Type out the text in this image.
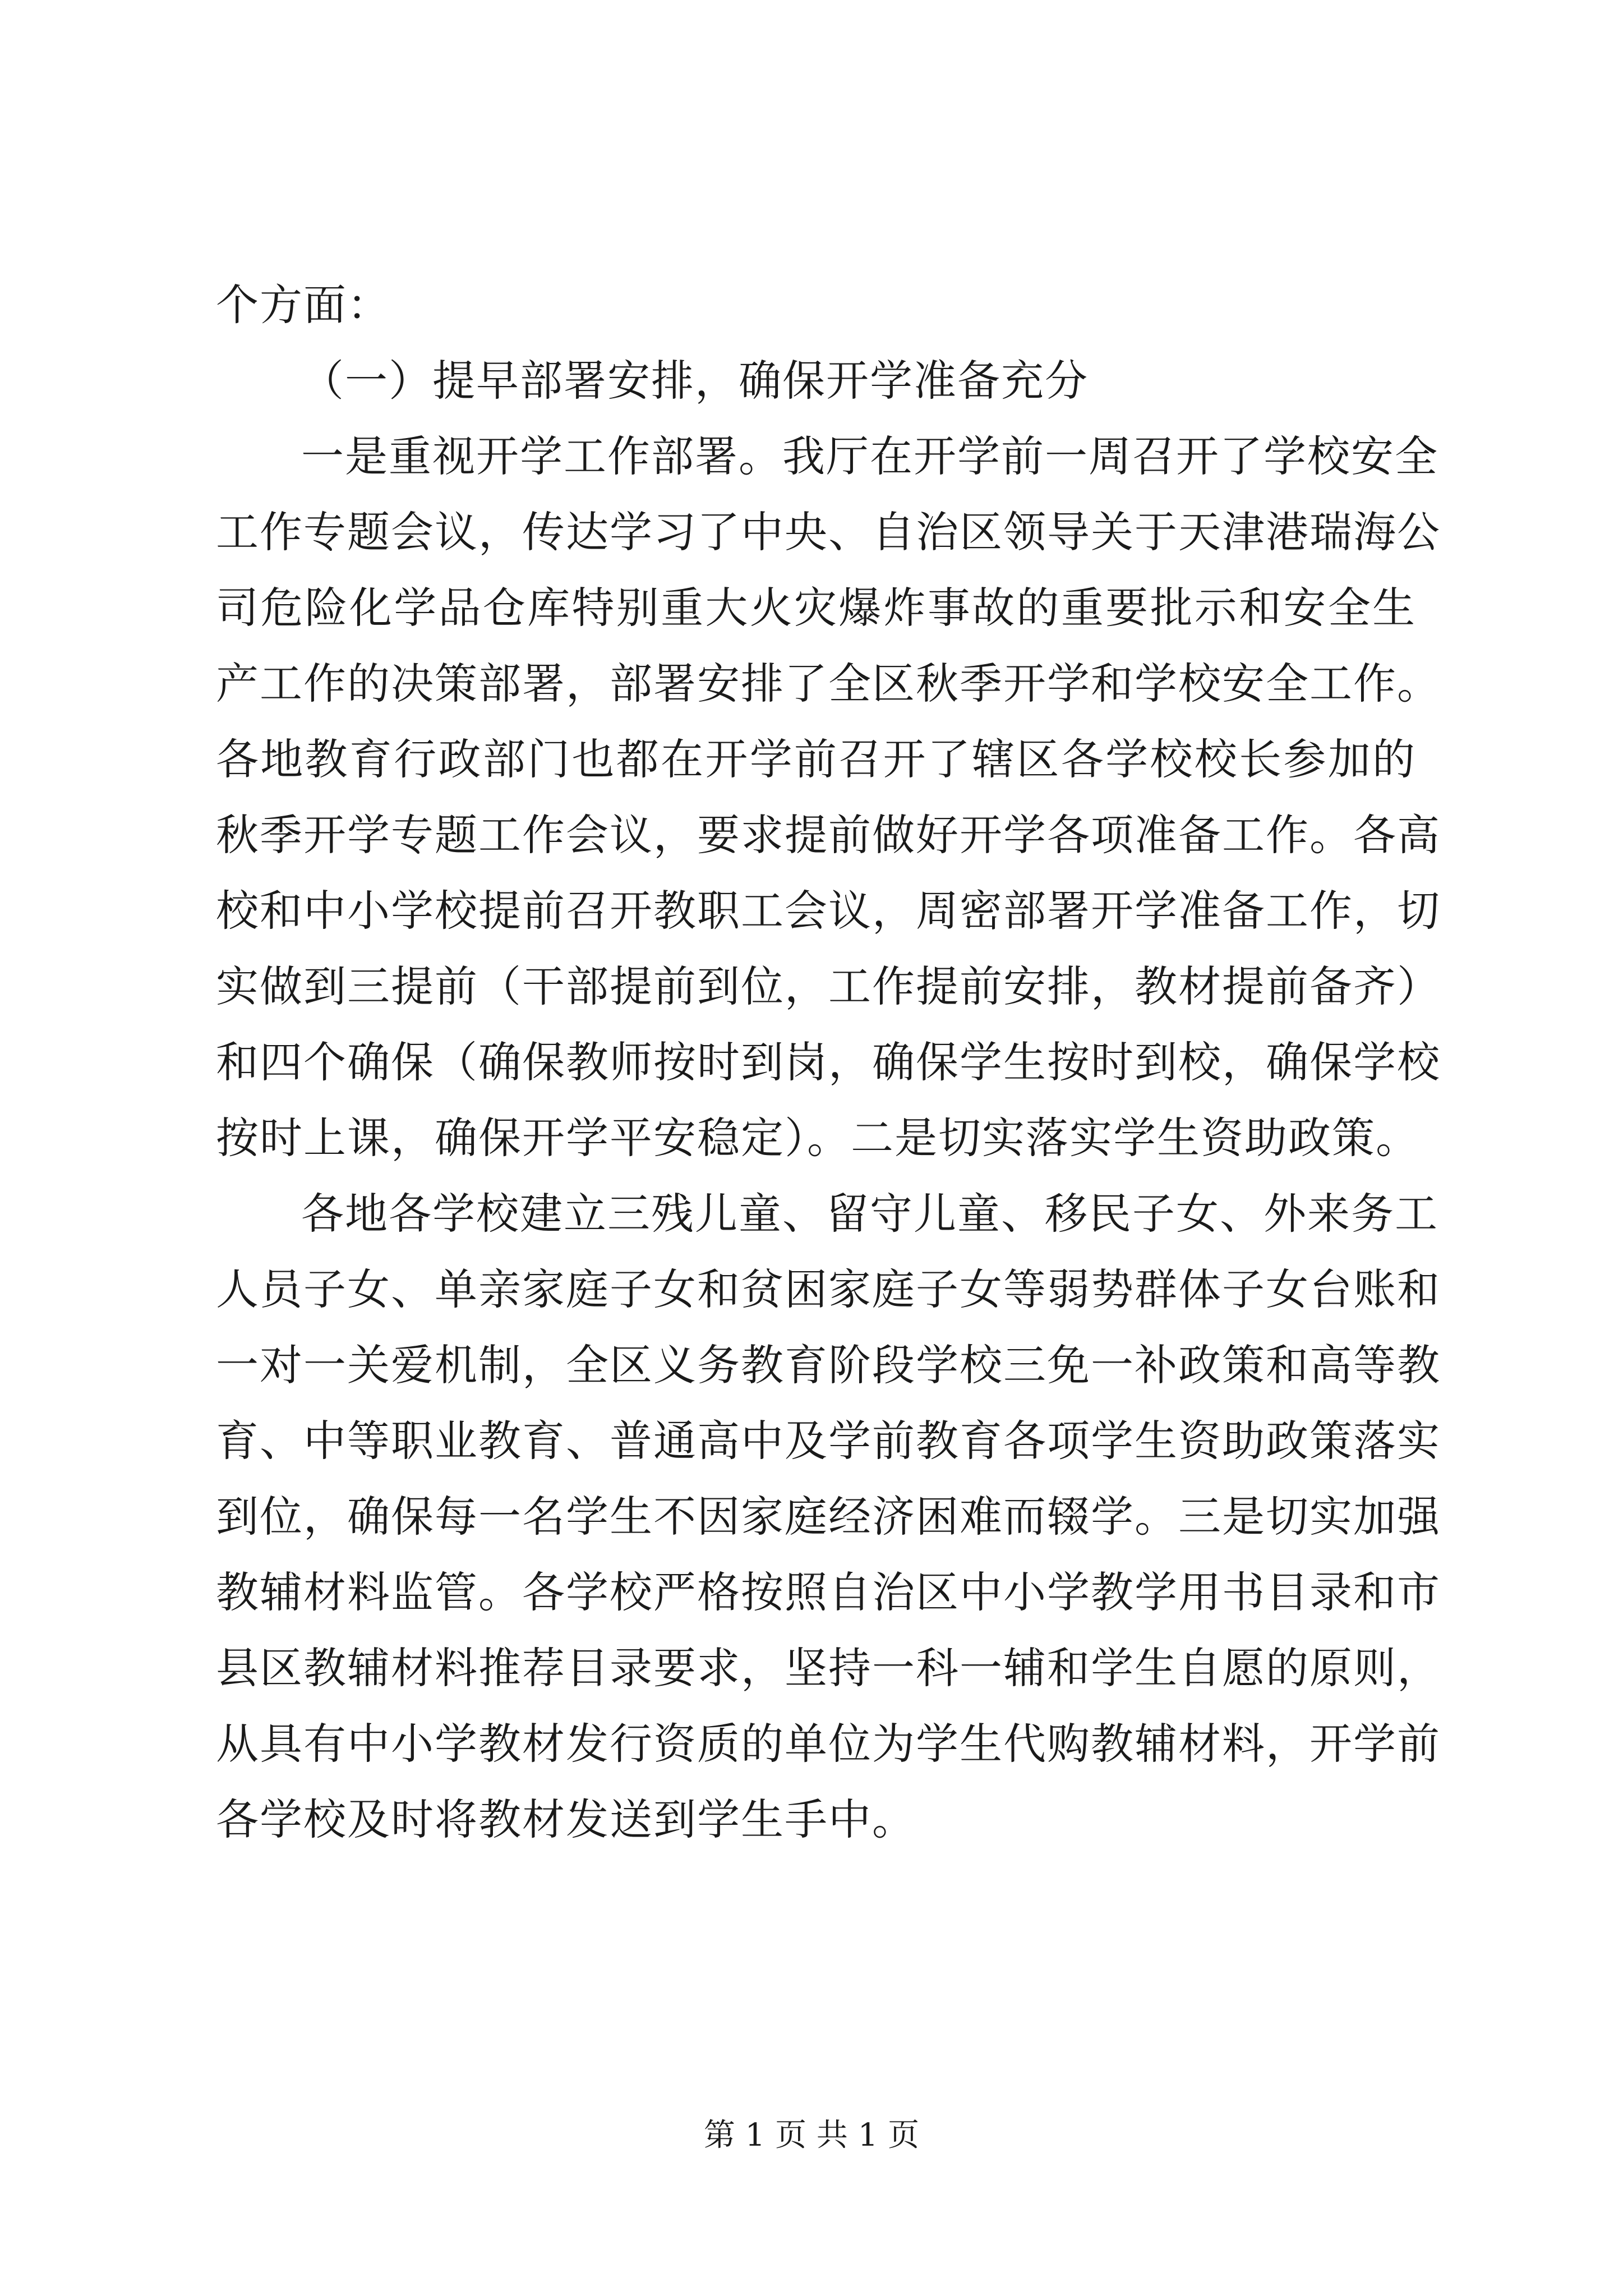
个方面：
（一）提早部署安排，确保开学准备充分
一是重视开学工作部署。我厅在开学前一周召开了学校安全
工作专题会议，传达学习了中央、自治区领导关于天津港瑞海公
司危险化学品仓库特别重大火灾爆炸事故的重要批示和安全生
产工作的决策部署，部署安排了全区秋季开学和学校安全工作。
各地教育行政部门也都在开学前召开了辖区各学校校长参加的
秋季开学专题工作会议，要求提前做好开学各项准备工作。各高
校和中小学校提前召开教职工会议，周密部署开学准备工作，切
实做到三提前（干部提前到位，工作提前安排，教材提前备齐）
和四个确保（确保教师按时到岗，确保学生按时到校，确保学校
按时上课，确保开学平安稳定）。二是切实落实学生资助政策。
各地各学校建立三残儿童、留守儿童、移民子女、外来务工
人员子女、单亲家庭子女和贫困家庭子女等弱势群体子女台账和
一对一关爱机制，全区义务教育阶段学校三免一补政策和高等教
育、中等职业教育、普通高中及学前教育各项学生资助政策落实
到位，确保每一名学生不因家庭经济困难而辍学。三是切实加强
教辅材料监管。各学校严格按照自治区中小学教学用书目录和市
县区教辅材料推荐目录要求，坚持一科一辅和学生自愿的原则，
从具有中小学教材发行资质的单位为学生代购教辅材料，开学前
各学校及时将教材发送到学生手中。
第 1 页 共 1 页
